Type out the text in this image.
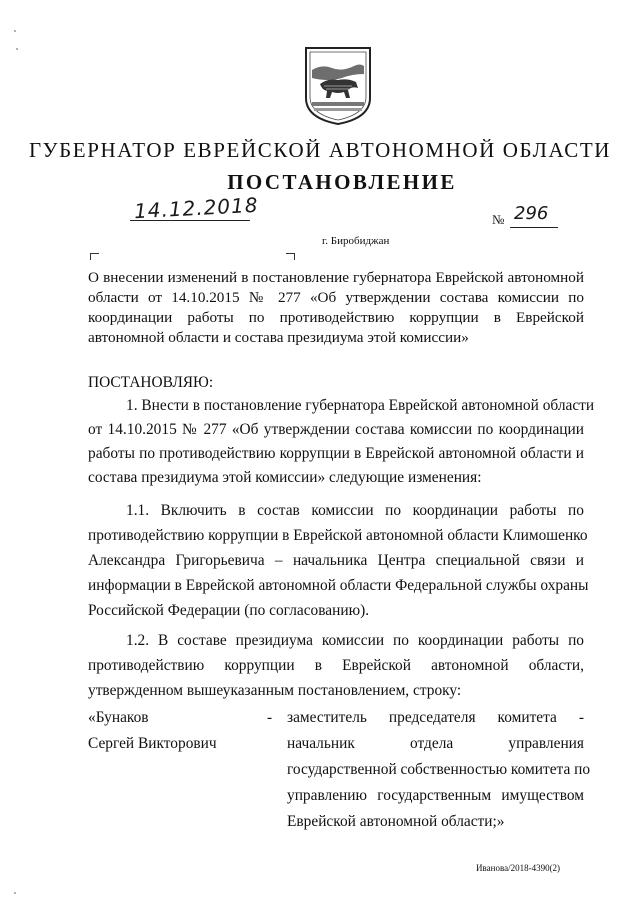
ГУБЕРНАТОР ЕВРЕЙСКОЙ АВТОНОМНОЙ ОБЛАСТИ
ПОСТАНОВЛЕНИЕ
14.12.2018	№ 296
г. Биробиджан
О внесении изменений в постановление губернатора Еврейской автономной
области от 14.10.2015 № 277 «Об утверждении состава комиссии по
координации работы по противодействию коррупции в Еврейской
автономной области и состава президиума этой комиссии»
ПОСТАНОВЛЯЮ:
1. Внести в постановление губернатора Еврейской автономной области
от 14.10.2015 № 277 «Об утверждении состава комиссии по координации
работы по противодействию коррупции в Еврейской автономной области и
состава президиума этой комиссии» следующие изменения:
1.1. Включить в состав комиссии по координации работы по
противодействию коррупции в Еврейской автономной области Климошенко
Александра Григорьевича – начальника Центра специальной связи и
информации в Еврейской автономной области Федеральной службы охраны
Российской Федерации (по согласованию).
1.2. В составе президиума комиссии по координации работы по
противодействию коррупции в Еврейской автономной области,
утвержденном вышеуказанным постановлением, строку:
«Бунаков
Сергей Викторович
- заместитель председателя комитета -
начальник отдела управления
государственной собственностью комитета по
управлению государственным имуществом
Еврейской автономной области;»
Иванова/2018-4390(2)
